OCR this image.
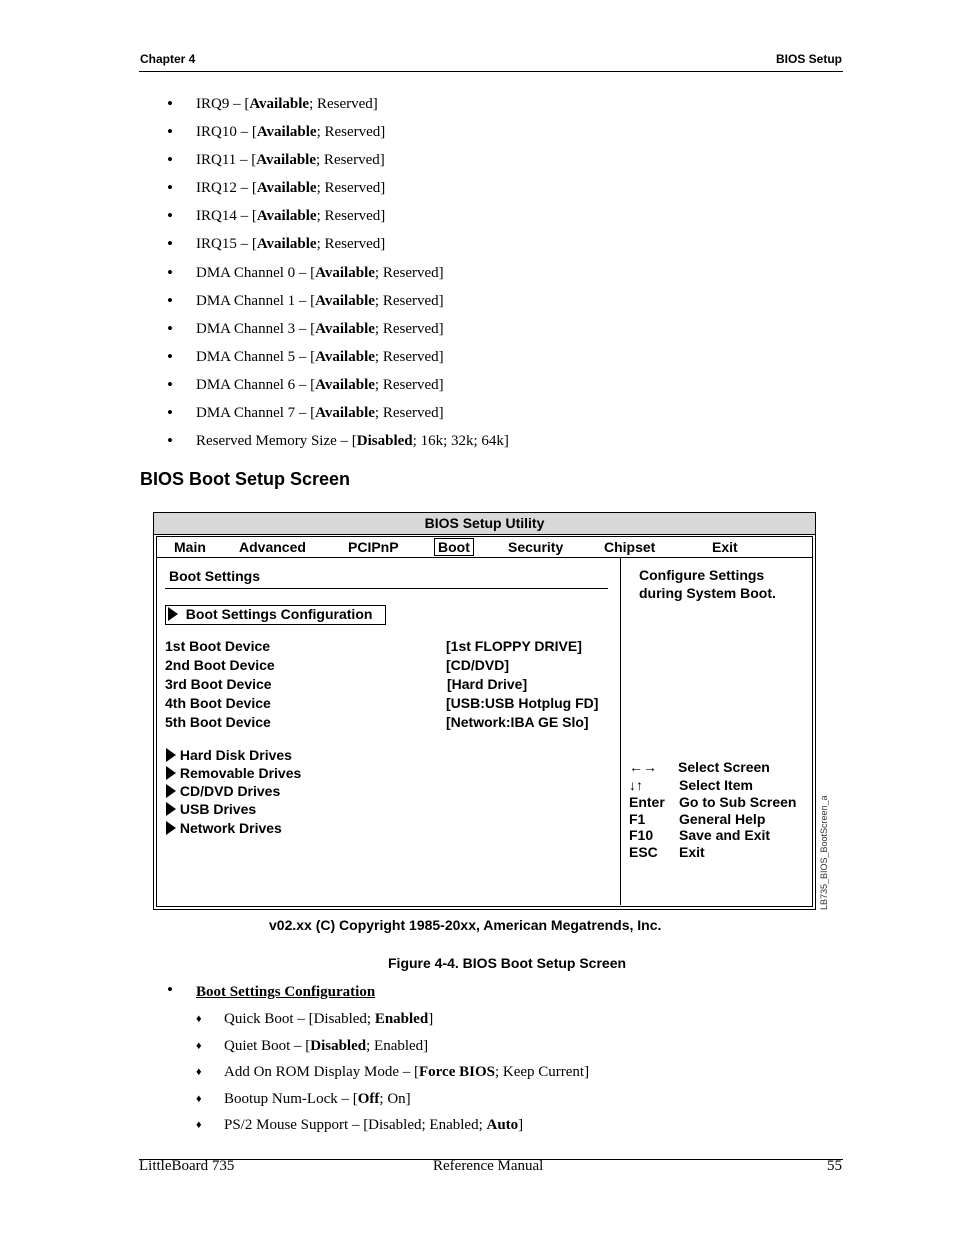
Chapter 4	BIOS Setup
• IRQ9 – [Available; Reserved]
• IRQ10 – [Available; Reserved]
• IRQ11 – [Available; Reserved]
• IRQ12 – [Available; Reserved]
• IRQ14 – [Available; Reserved]
• IRQ15 – [Available; Reserved]
• DMA Channel 0 – [Available; Reserved]
• DMA Channel 1 – [Available; Reserved]
• DMA Channel 3 – [Available; Reserved]
• DMA Channel 5 – [Available; Reserved]
• DMA Channel 6 – [Available; Reserved]
• DMA Channel 7 – [Available; Reserved]
• Reserved Memory Size – [Disabled; 16k; 32k; 64k]
BIOS Boot Setup Screen
BIOS Setup Utility
Main Advanced	PCIPnP	Boot	Security	Chipset	Exit
Boot Settings
Boot Settings Configuration
1st Boot Device	[1st FLOPPY DRIVE]
2nd Boot Device	[CD/DVD]
3rd Boot Device	[Hard Drive]
4th Boot Device	[USB:USB Hotplug FD]
5th Boot Device	[Network:IBA GE Slo]
Hard Disk Drives
Removable Drives
CD/DVD Drives
USB Drives
Network Drives
Configure Settings
during System Boot.
←→ Select Screen
↓↑	Select Item
Enter Go to Sub Screen
F1 General Help
F10 Save and Exit
ESC Exit	LB735_BIOS_BootScreen_a
v02.xx (C) Copyright 1985-20xx, American Megatrends, Inc.
Figure 4-4. BIOS Boot Setup Screen
• Boot Settings Configuration
♦ Quick Boot – [Disabled; Enabled]
♦ Quiet Boot – [Disabled; Enabled]
♦ Add On ROM Display Mode – [Force BIOS; Keep Current]
♦ Bootup Num-Lock – [Off; On]
♦ PS/2 Mouse Support – [Disabled; Enabled; Auto]
LittleBoard 735	Reference Manual	55
